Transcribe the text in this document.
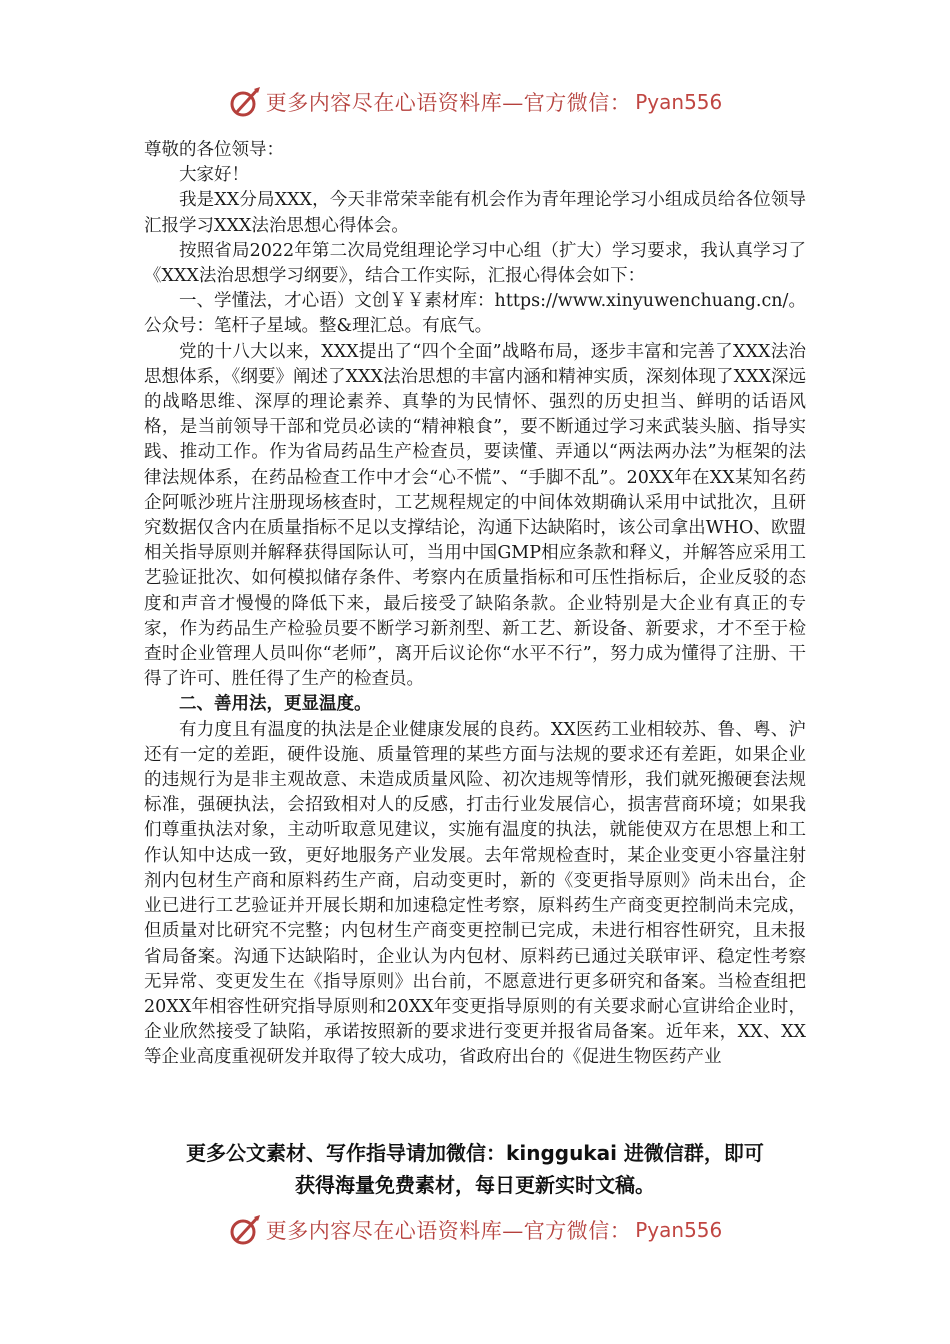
更多内容尽在心语资料库—官方微信： Pyan556

尊敬的各位领导：

大家好！

我是XX分局XXX，今天非常荣幸能有机会作为青年理论学习小组成员给各位领导汇报学习XXX法治思想心得体会。

按照省局2022年第二次局党组理论学习中心组（扩大）学习要求，我认真学习了《XXX法治思想学习纲要》，结合工作实际，汇报心得体会如下：

一、学懂法，才心语）文创￥￥素材库：https://www.xinyuwenchuang.cn/。公众号：笔杆子星域。整&理汇总。有底气。

党的十八大以来，XXX提出了“四个全面”战略布局，逐步丰富和完善了XXX法治思想体系，《纲要》阐述了XXX法治思想的丰富内涵和精神实质，深刻体现了XXX深远的战略思维、深厚的理论素养、真挚的为民情怀、强烈的历史担当、鲜明的话语风格，是当前领导干部和党员必读的“精神粮食”，要不断通过学习来武装头脑、指导实践、推动工作。作为省局药品生产检查员，要读懂、弄通以“两法两办法”为框架的法律法规体系，在药品检查工作中才会“心不慌”、“手脚不乱”。20XX年在XX某知名药企阿哌沙班片注册现场核查时，工艺规程规定的中间体效期确认采用中试批次，且研究数据仅含内在质量指标不足以支撑结论，沟通下达缺陷时，该公司拿出WHO、欧盟相关指导原则并解释获得国际认可，当用中国GMP相应条款和释义，并解答应采用工艺验证批次、如何模拟储存条件、考察内在质量指标和可压性指标后，企业反驳的态度和声音才慢慢的降低下来，最后接受了缺陷条款。企业特别是大企业有真正的专家，作为药品生产检验员要不断学习新剂型、新工艺、新设备、新要求，才不至于检查时企业管理人员叫你“老师”，离开后议论你“水平不行”，努力成为懂得了注册、干得了许可、胜任得了生产的检查员。

二、善用法，更显温度。

有力度且有温度的执法是企业健康发展的良药。XX医药工业相较苏、鲁、粤、沪还有一定的差距，硬件设施、质量管理的某些方面与法规的要求还有差距，如果企业的违规行为是非主观故意、未造成质量风险、初次违规等情形，我们就死搬硬套法规标准，强硬执法，会招致相对人的反感，打击行业发展信心，损害营商环境；如果我们尊重执法对象，主动听取意见建议，实施有温度的执法，就能使双方在思想上和工作认知中达成一致，更好地服务产业发展。去年常规检查时，某企业变更小容量注射剂内包材生产商和原料药生产商，启动变更时，新的《变更指导原则》尚未出台，企业已进行工艺验证并开展长期和加速稳定性考察，原料药生产商变更控制尚未完成，但质量对比研究不完整；内包材生产商变更控制已完成，未进行相容性研究，且未报省局备案。沟通下达缺陷时，企业认为内包材、原料药已通过关联审评、稳定性考察无异常、变更发生在《指导原则》出台前，不愿意进行更多研究和备案。当检查组把20XX年相容性研究指导原则和20XX年变更指导原则的有关要求耐心宣讲给企业时，企业欣然接受了缺陷，承诺按照新的要求进行变更并报省局备案。近年来，XX、XX等企业高度重视研发并取得了较大成功，省政府出台的《促进生物医药产业

更多公文素材、写作指导请加微信：kinggukai 进微信群，即可
获得海量免费素材，每日更新实时文稿。
更多内容尽在心语资料库—官方微信： Pyan556
